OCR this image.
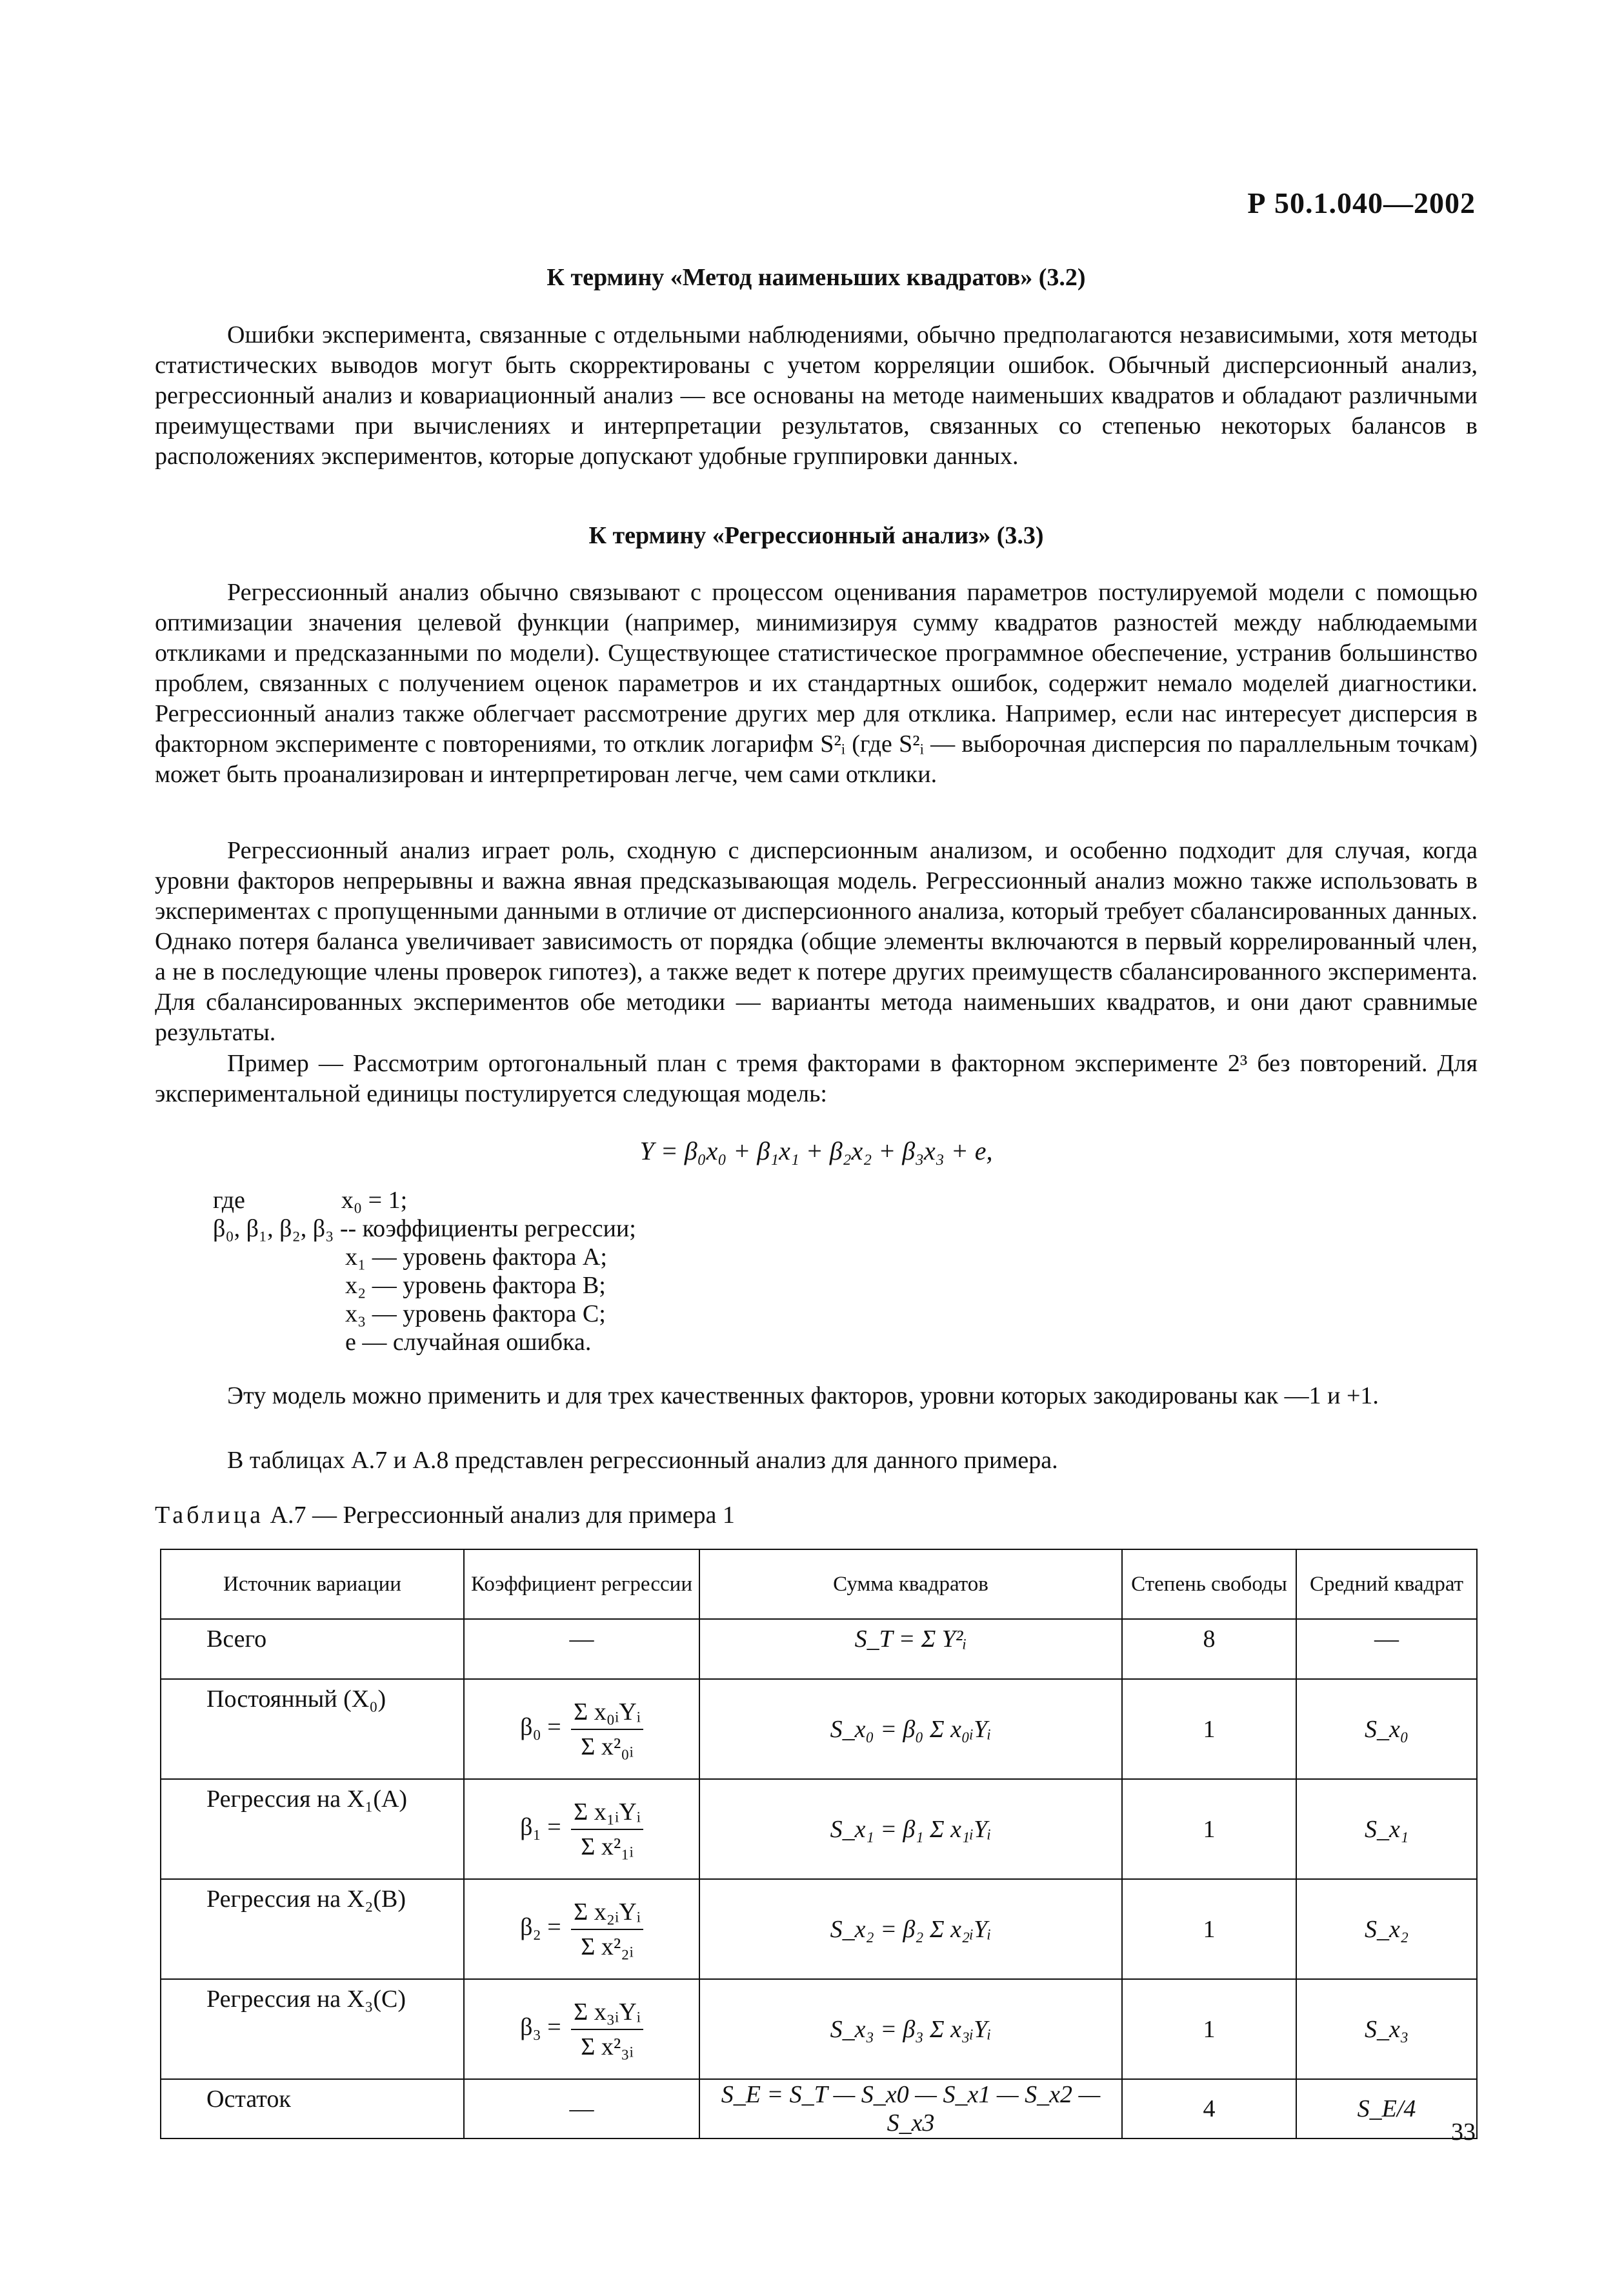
Р 50.1.040—2002
К термину «Метод наименьших квадратов» (3.2)

Ошибки эксперимента, связанные с отдельными наблюдениями, обычно предполагаются независимыми, хотя методы статистических выводов могут быть скорректированы с учетом корреляции ошибок. Обычный дисперсионный анализ, регрессионный анализ и ковариационный анализ — все основаны на методе наименьших квадратов и обладают различными преимуществами при вычислениях и интерпретации результатов, связанных со степенью некоторых балансов в расположениях экспериментов, которые допускают удобные группировки данных.

К термину «Регрессионный анализ» (3.3)

Регрессионный анализ обычно связывают с процессом оценивания параметров постулируемой модели с помощью оптимизации значения целевой функции (например, минимизируя сумму квадратов разностей между наблюдаемыми откликами и предсказанными по модели). Существующее статистическое программное обеспечение, устранив большинство проблем, связанных с получением оценок параметров и их стандартных ошибок, содержит немало моделей диагностики. Регрессионный анализ также облегчает рассмотрение других мер для отклика. Например, если нас интересует дисперсия в факторном эксперименте с повторениями, то отклик логарифм S²ᵢ (где S²ᵢ — выборочная дисперсия по параллельным точкам) может быть проанализирован и интерпретирован легче, чем сами отклики.

Регрессионный анализ играет роль, сходную с дисперсионным анализом, и особенно подходит для случая, когда уровни факторов непрерывны и важна явная предсказывающая модель. Регрессионный анализ можно также использовать в экспериментах с пропущенными данными в отличие от дисперсионного анализа, который требует сбалансированных данных. Однако потеря баланса увеличивает зависимость от порядка (общие элементы включаются в первый коррелированный член, а не в последующие члены проверок гипотез), а также ведет к потере других преимуществ сбалансированного эксперимента. Для сбалансированных экспериментов обе методики — варианты метода наименьших квадратов, и они дают сравнимые результаты.

Пример — Рассмотрим ортогональный план с тремя факторами в факторном эксперименте 2³ без повторений. Для экспериментальной единицы постулируется следующая модель:

Y = β₀x₀ + β₁x₁ + β₂x₂ + β₃x₃ + e,
где	x₀ = 1;
β₀, β₁, β₂, β₃ -- коэффициенты регрессии;
x₁ — уровень фактора А;
x₂ — уровень фактора В;
x₃ — уровень фактора С;
e — случайная ошибка.

Эту модель можно применить и для трех качественных факторов, уровни которых закодированы как —1 и +1.

В таблицах А.7 и А.8 представлен регрессионный анализ для данного примера.

Таблица А.7 — Регрессионный анализ для примера 1
Источник вариации	Коэффициент регрессии	Сумма квадратов	Степень свободы	Средний квадрат
Всего	—	S_T = Σ Y²ᵢ	8	—
Постоянный (X₀)	$\beta_0 = \frac{\text{Σ x₀ᵢYᵢ}}{\text{Σ x²₀ᵢ}}$	S_x₀ = β₀ Σ x₀ᵢYᵢ	1	S_x₀
Регрессия на X₁(A)	$\beta_1 = \frac{\text{Σ x₁ᵢYᵢ}}{\text{Σ x²₁ᵢ}}$	S_x₁ = β₁ Σ x₁ᵢYᵢ	1	S_x₁
Регрессия на X₂(B)	$\beta_2 = \frac{\text{Σ x₂ᵢYᵢ}}{\text{Σ x²₂ᵢ}}$	S_x₂ = β₂ Σ x₂ᵢYᵢ	1	S_x₂
Регрессия на X₃(C)	$\beta_3 = \frac{\text{Σ x₃ᵢYᵢ}}{\text{Σ x²₃ᵢ}}$	S_x₃ = β₃ Σ x₃ᵢYᵢ	1	S_x₃
Остаток	—	S_E = S_T — S_x0 — S_x1 — S_x2 — S_x3	4	S_E/4
33
